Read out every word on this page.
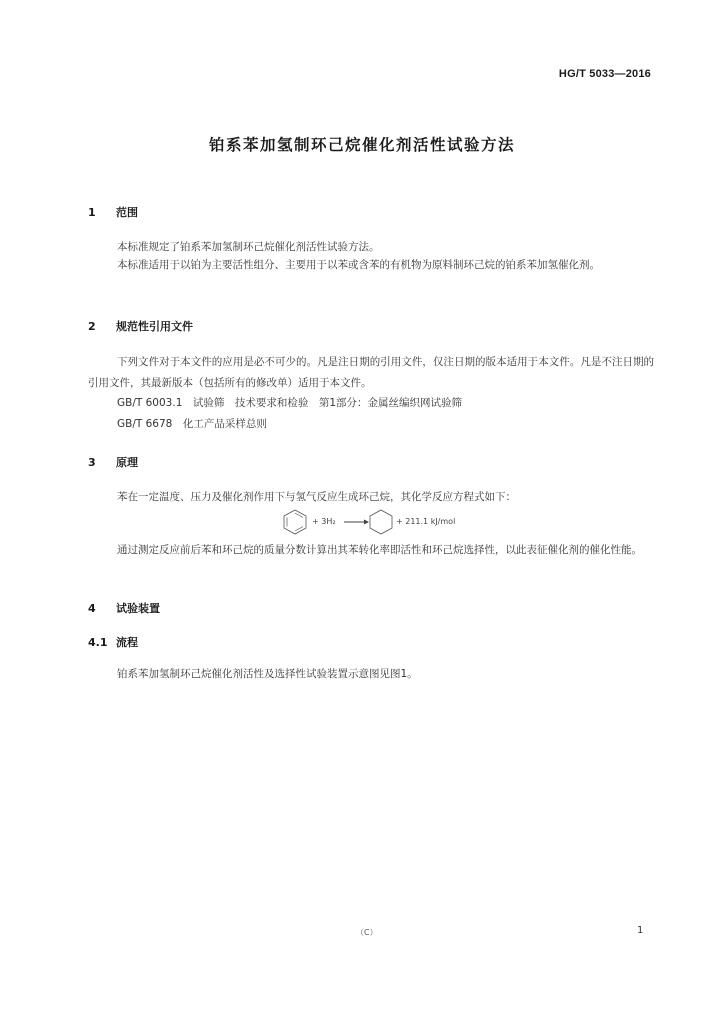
HG/T 5033—2016
铂系苯加氢制环己烷催化剂活性试验方法
1 范围
本标准规定了铂系苯加氢制环己烷催化剂活性试验方法。
本标准适用于以铂为主要活性组分、主要用于以苯或含苯的有机物为原料制环己烷的铂系苯加氢催化剂。
2 规范性引用文件
下列文件对于本文件的应用是必不可少的。凡是注日期的引用文件，仅注日期的版本适用于本文件。凡是不注日期的引用文件，其最新版本（包括所有的修改单）适用于本文件。
GB/T 6003.1　试验筛　技术要求和检验　第1部分：金属丝编织网试验筛
GB/T 6678　化工产品采样总则
3 原理
苯在一定温度、压力及催化剂作用下与氢气反应生成环己烷，其化学反应方程式如下：
+ 3H₂	+ 211.1 kJ/mol
通过测定反应前后苯和环己烷的质量分数计算出其苯转化率即活性和环己烷选择性，以此表征催化剂的催化性能。
4 试验装置
4.1 流程
铂系苯加氢制环己烷催化剂活性及选择性试验装置示意图见图1。
（C）	1
